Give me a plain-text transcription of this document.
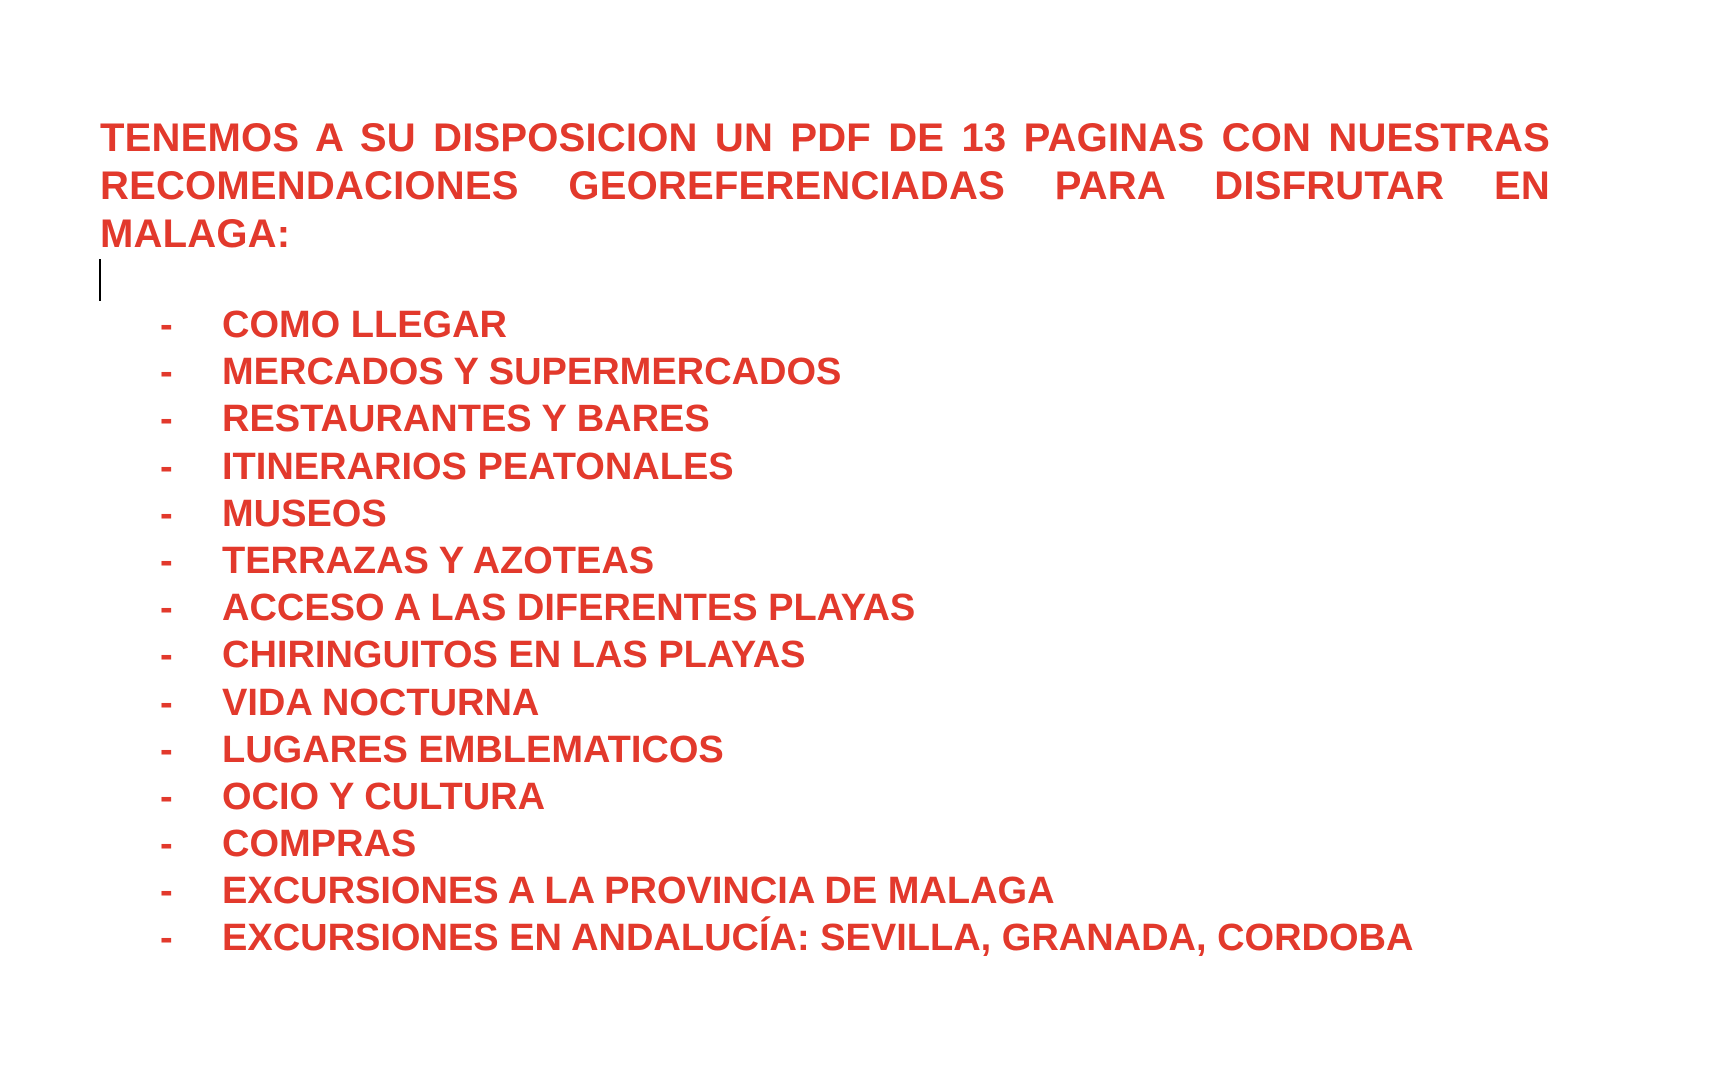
TENEMOS A SU DISPOSICION UN PDF DE 13 PAGINAS CON NUESTRAS RECOMENDACIONES GEOREFERENCIADAS PARA DISFRUTAR EN MALAGA:

-	COMO LLEGAR
-	MERCADOS Y SUPERMERCADOS
-	RESTAURANTES Y BARES
-	ITINERARIOS PEATONALES
-	MUSEOS
-	TERRAZAS Y AZOTEAS
-	ACCESO A LAS DIFERENTES PLAYAS
-	CHIRINGUITOS EN LAS PLAYAS
-	VIDA NOCTURNA
-	LUGARES EMBLEMATICOS
-	OCIO Y CULTURA
-	COMPRAS
-	EXCURSIONES A LA PROVINCIA DE MALAGA
-	EXCURSIONES EN ANDALUCÍA: SEVILLA, GRANADA, CORDOBA
